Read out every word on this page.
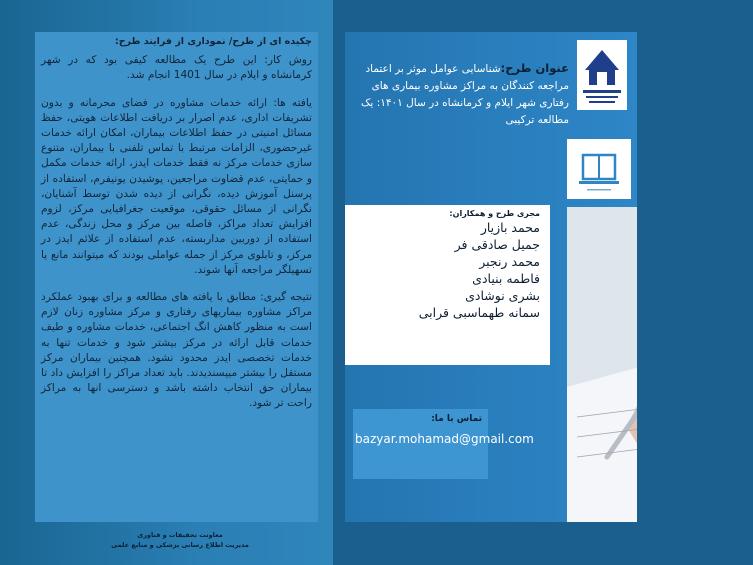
چکیده ای از طرح/ نموداری از فرایند طرح:

روش کار: این طرح یک مطالعه کیفی بود که در شهر کرمانشاه و ایلام در سال 1401 انجام شد.

یافته ها: ارائه خدمات مشاوره در فضای محرمانه و بدون تشریفات اداری، عدم اصرار بر دریافت اطلاعات هویتی، حفظ مسائل امنیتی در حفظ اطلاعات بیماران، امکان ارائه خدمات غیرحضوری، الزامات مرتبط با تماس تلفنی با بیماران، متنوع سازی خدمات مرکز نه فقط خدمات ایدز، ارائه خدمات مکمل و حمایتی، عدم قضاوت مراجعین، پوشیدن یونیفرم، استفاده از پرسنل آموزش دیده، نگرانی از دیده شدن توسط آشنایان، نگرانی از مسائل حقوقی، موقعیت جغرافیایی مرکز، لزوم افزایش تعداد مراکز، فاصله بین مرکز و محل زندگی، عدم استفاده از دوربین مداربسته، عدم استفاده از علائم ایدز در مرکز، و تابلوی مرکز از جمله عواملی بودند که میتوانند مانع یا تسهیلگر مراجعه آنها شوند.

نتیجه گیری: مطابق با یافته های مطالعه و برای بهبود عملکرد مراکز مشاوره بیماریهای رفتاری و مرکز مشاوره زنان لازم است به منظور کاهش انگ اجتماعی، خدمات مشاوره و طیف خدمات قابل ارائه در مرکز بیشتر شود و خدمات تنها به خدمات تخصصی ایدز محدود نشود. همچنین بیماران مرکز مستقل را بیشتر میپسندیدند. باید تعداد مراکز را افزایش داد تا بیماران حق انتخاب داشته باشد و دسترسی انها به مراکز راحت تر شود.

معاونت تحقیقات و فناوری
مدیریت اطلاع رسانی پزشکی و منابع علمی
عنوان طرح:شناسایی عوامل موثر بر اعتماد مراجعه کنندگان به مراکز مشاوره بیماری های رفتاری شهر ایلام و کرمانشاه در سال ۱۴۰۱: یک مطالعه ترکیبی
مجری طرح و همکاران:
محمد بازیار
جمیل صادقی فر
محمد رنجبر
فاطمه بنیادی
بشری نوشادی
سمانه طهماسبی قرابی
تماس با ما:
bazyar.mohamad@gmail.com
